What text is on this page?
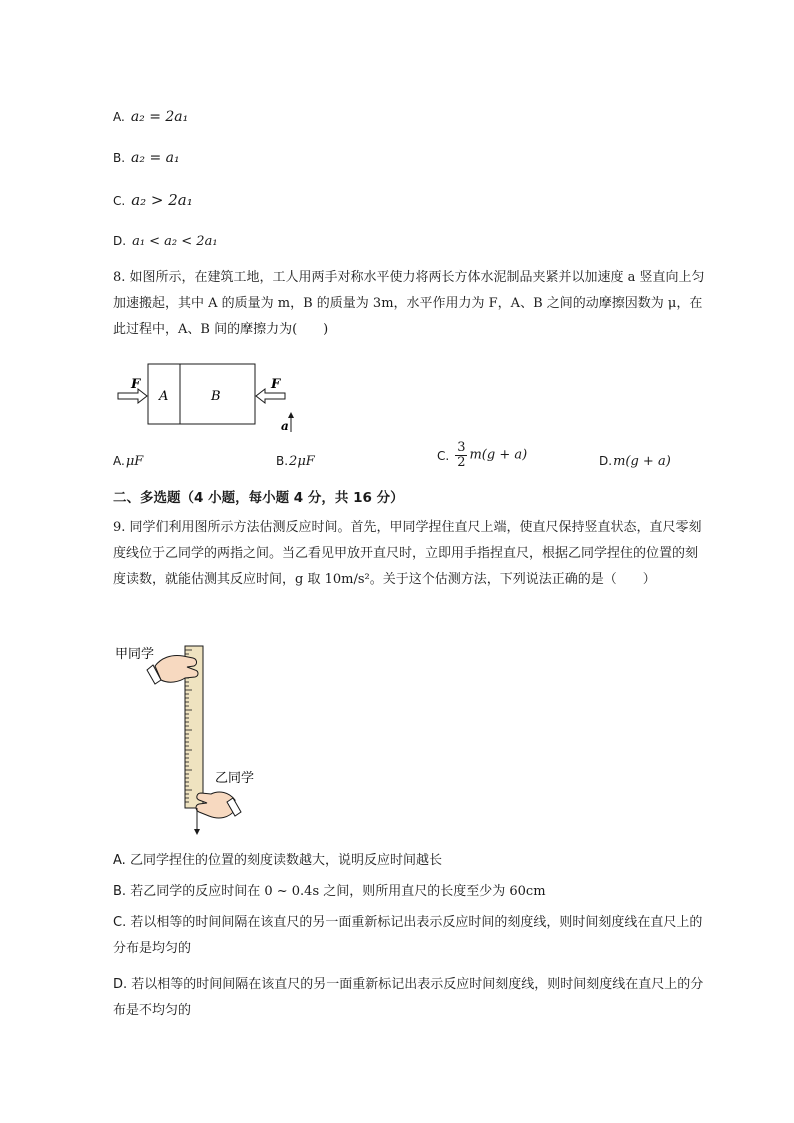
A. a₂ = 2a₁
B. a₂ = a₁
C. a₂ > 2a₁
D. a₁ < a₂ < 2a₁
8. 如图所示，在建筑工地，工人用两手对称水平使力将两长方体水泥制品夹紧并以加速度 a 竖直向上匀加速搬起，其中 A 的质量为 m，B 的质量为 3m，水平作用力为 F，A、B 之间的动摩擦因数为 μ，在此过程中，A、B 间的摩擦力为(　　)
F
A	B
F
a
A.μF	B.2μF	C. $\frac{3}{2} m(g + a)$	D.m(g + a)
二、多选题（4 小题，每小题 4 分，共 16 分）
9. 同学们利用图所示方法估测反应时间。首先，甲同学捏住直尺上端，使直尺保持竖直状态，直尺零刻度线位于乙同学的两指之间。当乙看见甲放开直尺时，立即用手指捏直尺，根据乙同学捏住的位置的刻度读数，就能估测其反应时间，g 取 10m/s²。关于这个估测方法，下列说法正确的是（　　）
甲同学
乙同学
A. 乙同学捏住的位置的刻度读数越大，说明反应时间越长
B. 若乙同学的反应时间在 0 ~ 0.4s 之间，则所用直尺的长度至少为 60cm
C. 若以相等的时间间隔在该直尺的另一面重新标记出表示反应时间的刻度线，则时间刻度线在直尺上的分布是均匀的
D. 若以相等的时间间隔在该直尺的另一面重新标记出表示反应时间刻度线，则时间刻度线在直尺上的分布是不均匀的
